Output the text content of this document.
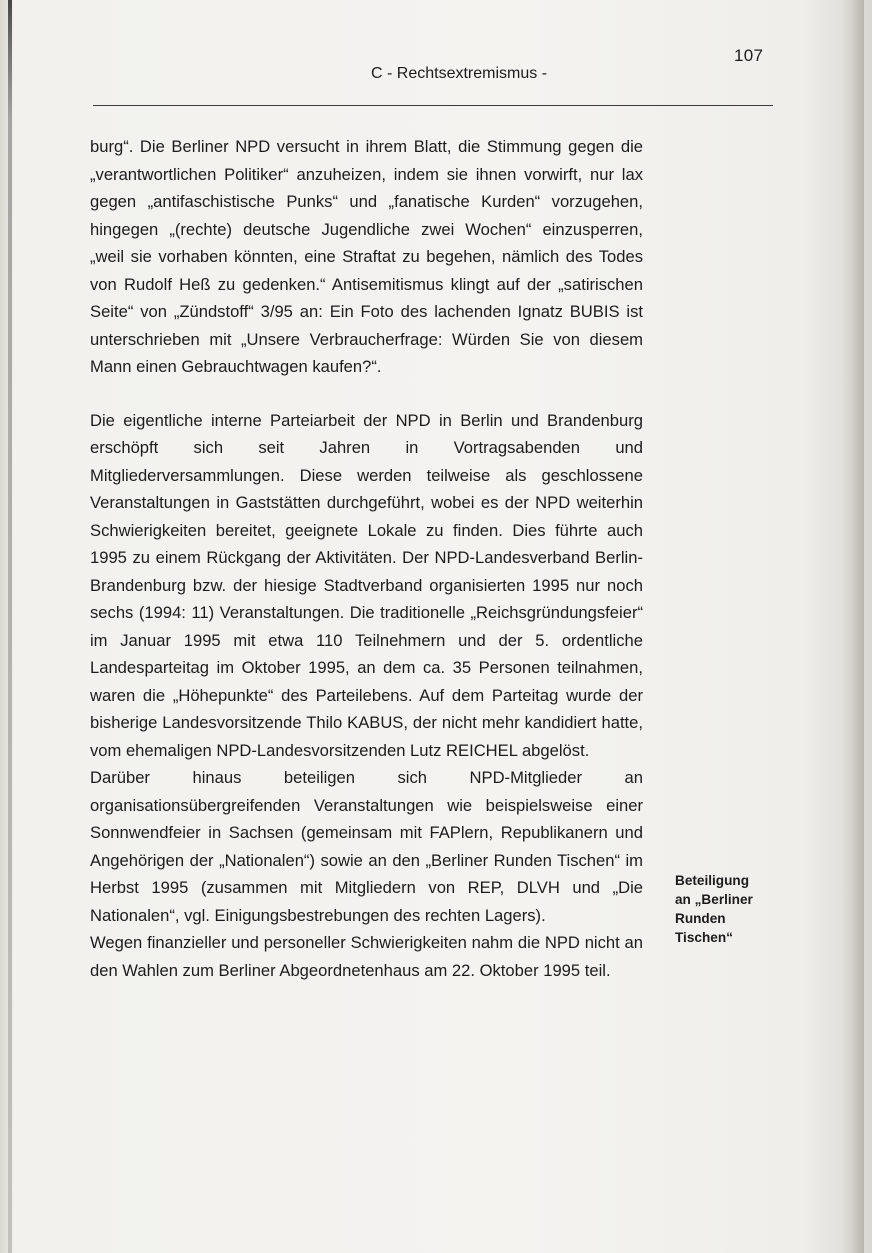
107
C - Rechtsextremismus -

burg“. Die Berliner NPD versucht in ihrem Blatt, die Stimmung gegen die „verantwortlichen Politiker“ anzuheizen, indem sie ihnen vorwirft, nur lax gegen „antifaschistische Punks“ und „fanatische Kurden“ vorzugehen, hingegen „(rechte) deutsche Jugendliche zwei Wochen“ einzusperren, „weil sie vorhaben könnten, eine Straftat zu begehen, nämlich des Todes von Rudolf Heß zu gedenken.“ Antisemitismus klingt auf der „satirischen Seite“ von „Zündstoff“ 3/95 an: Ein Foto des lachenden Ignatz BUBIS ist unterschrieben mit „Unsere Verbraucherfrage: Würden Sie von diesem Mann einen Gebrauchtwagen kaufen?“.

Die eigentliche interne Parteiarbeit der NPD in Berlin und Brandenburg erschöpft sich seit Jahren in Vortragsabenden und Mitgliederversammlungen. Diese werden teilweise als geschlossene Veranstaltungen in Gaststätten durchgeführt, wobei es der NPD weiterhin Schwierigkeiten bereitet, geeignete Lokale zu finden. Dies führte auch 1995 zu einem Rückgang der Aktivitäten. Der NPD-Landesverband Berlin-Brandenburg bzw. der hiesige Stadtverband organisierten 1995 nur noch sechs (1994: 11) Veranstaltungen. Die traditionelle „Reichsgründungsfeier“ im Januar 1995 mit etwa 110 Teilnehmern und der 5. ordentliche Landesparteitag im Oktober 1995, an dem ca. 35 Personen teilnahmen, waren die „Höhepunkte“ des Parteilebens. Auf dem Parteitag wurde der bisherige Landesvorsitzende Thilo KABUS, der nicht mehr kandidiert hatte, vom ehemaligen NPD-Landesvorsitzenden Lutz REICHEL abgelöst.

Darüber hinaus beteiligen sich NPD-Mitglieder an organisationsübergreifenden Veranstaltungen wie beispielsweise einer Sonnwendfeier in Sachsen (gemeinsam mit FAPlern, Republikanern und Angehörigen der „Nationalen“) sowie an den „Berliner Runden Tischen“ im Herbst 1995 (zusammen mit Mitgliedern von REP, DLVH und „Die Nationalen“, vgl. Einigungsbestrebungen des rechten Lagers).

Wegen finanzieller und personeller Schwierigkeiten nahm die NPD nicht an den Wahlen zum Berliner Abgeordnetenhaus am 22. Oktober 1995 teil.

Beteiligung
an „Berliner
Runden
Tischen“
